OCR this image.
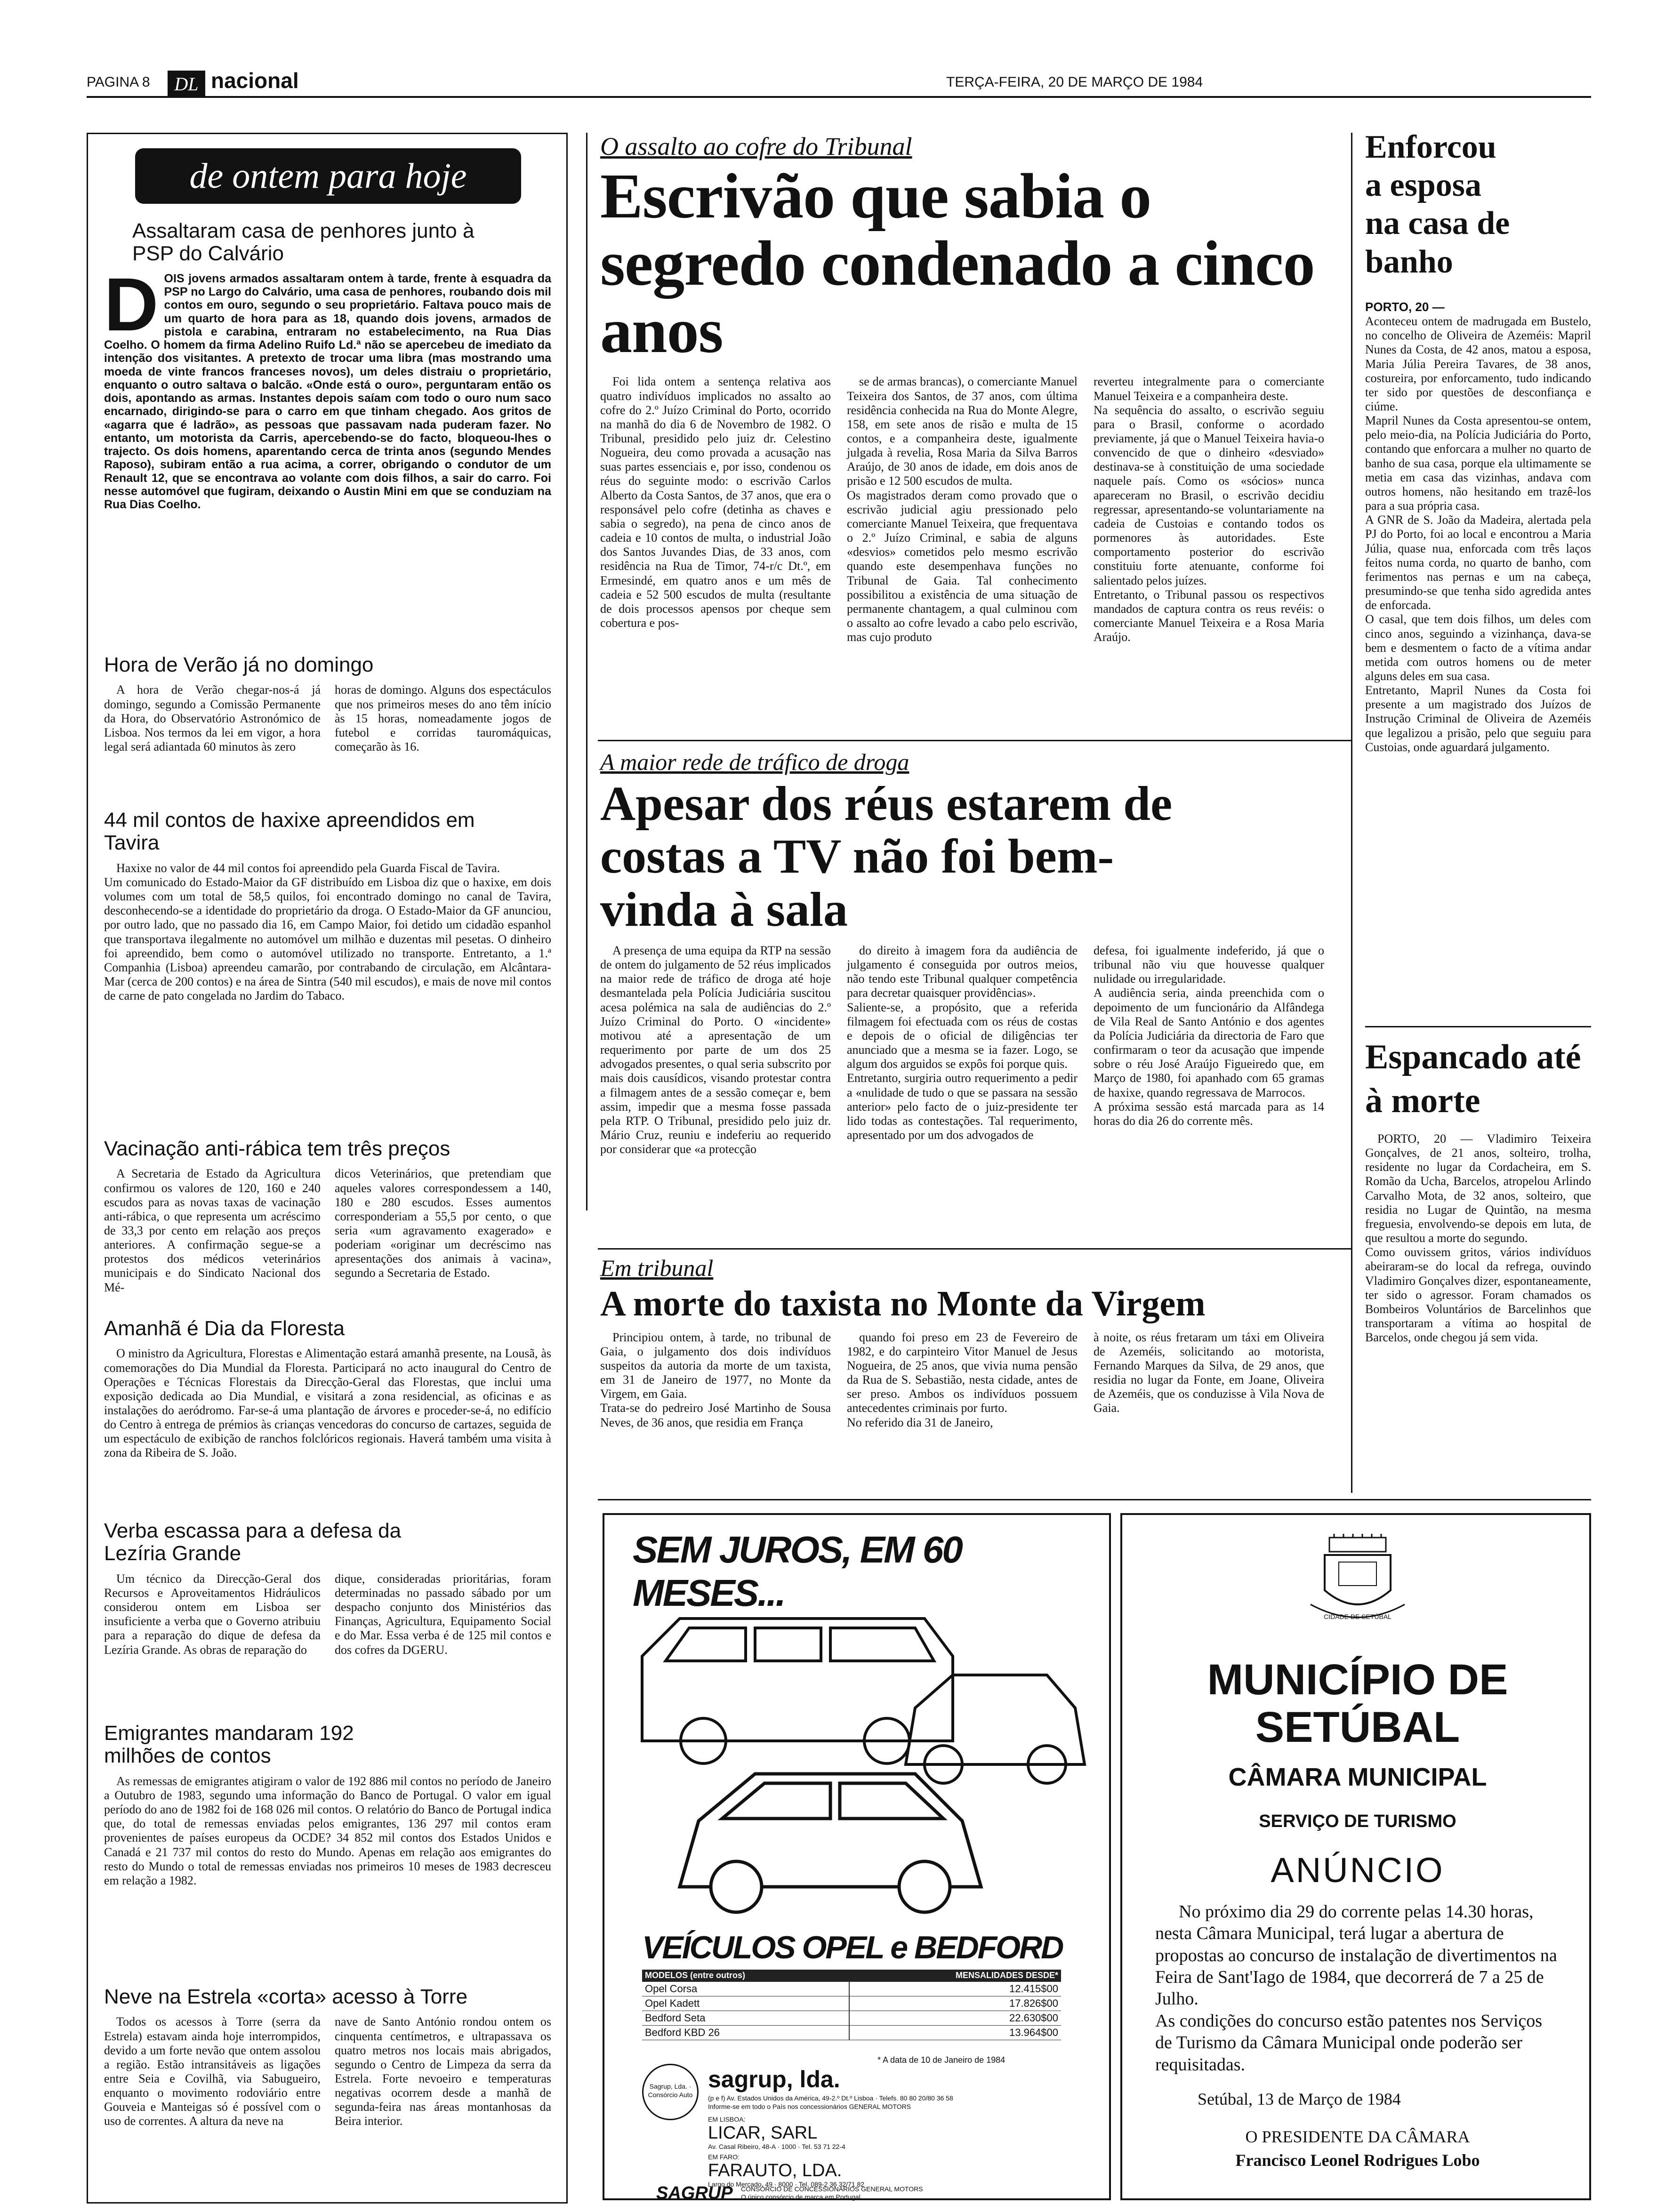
PAGINA 8 DL nacional	TERÇA-FEIRA, 20 DE MARÇO DE 1984
de ontem para hoje
Assaltaram casa de penhores junto à PSP do Calvário
D OIS jovens armados assaltaram ontem à tarde, frente à esquadra da PSP no Largo do Calvário, uma casa de penhores, roubando dois mil contos em ouro, segundo o seu proprietário. Faltava pouco mais de um quarto de hora para as 18, quando dois jovens, armados de pistola e carabina, entraram no estabelecimento, na Rua Dias Coelho. O homem da firma Adelino Ruifo Ld.ª não se apercebeu de imediato da intenção dos visitantes. A pretexto de trocar uma libra (mas mostrando uma moeda de vinte francos franceses novos), um deles distraiu o proprietário, enquanto o outro saltava o balcão. «Onde está o ouro», perguntaram então os dois, apontando as armas. Instantes depois saíam com todo o ouro num saco encarnado, dirigindo-se para o carro em que tinham chegado. Aos gritos de «agarra que é ladrão», as pessoas que passavam nada puderam fazer. No entanto, um motorista da Carris, apercebendo-se do facto, bloqueou-lhes o trajecto. Os dois homens, aparentando cerca de trinta anos (segundo Mendes Raposo), subiram então a rua acima, a correr, obrigando o condutor de um Renault 12, que se encontrava ao volante com dois filhos, a sair do carro. Foi nesse automóvel que fugiram, deixando o Austin Mini em que se conduziam na Rua Dias Coelho.

Hora de Verão já no domingo

A hora de Verão chegar-nos-á já domingo, segundo a Comissão Permanente da Hora, do Observatório Astronómico de Lisboa. Nos termos da lei em vigor, a hora legal será adiantada 60 minutos às zero

horas de domingo. Alguns dos espectáculos que nos primeiros meses do ano têm início às 15 horas, nomeadamente jogos de futebol e corridas tauromáquicas, começarão às 16.

44 mil contos de haxixe apreendidos em Tavira

Haxixe no valor de 44 mil contos foi apreendido pela Guarda Fiscal de Tavira.
Um comunicado do Estado-Maior da GF distribuído em Lisboa diz que o haxixe, em dois volumes com um total de 58,5 quilos, foi encontrado domingo no canal de Tavira, desconhecendo-se a identidade do proprietário da droga. O Estado-Maior da GF anunciou, por outro lado, que no passado dia 16, em Campo Maior, foi detido um cidadão espanhol que transportava ilegalmente no automóvel um milhão e duzentas mil pesetas. O dinheiro foi apreendido, bem como o automóvel utilizado no transporte. Entretanto, a 1.ª Companhia (Lisboa) apreendeu camarão, por contrabando de circulação, em Alcântara-Mar (cerca de 200 contos) e na área de Sintra (540 mil escudos), e mais de nove mil contos de carne de pato congelada no Jardim do Tabaco.

Vacinação anti-rábica tem três preços

A Secretaria de Estado da Agricultura confirmou os valores de 120, 160 e 240 escudos para as novas taxas de vacinação anti-rábica, o que representa um acréscimo de 33,3 por cento em relação aos preços anteriores. A confirmação segue-se a protestos dos médicos veterinários municipais e do Sindicato Nacional dos Mé-

dicos Veterinários, que pretendiam que aqueles valores correspondessem a 140, 180 e 280 escudos. Esses aumentos corresponderiam a 55,5 por cento, o que seria «um agravamento exagerado» e poderiam «originar um decréscimo nas apresentações dos animais à vacina», segundo a Secretaria de Estado.

Amanhã é Dia da Floresta

O ministro da Agricultura, Florestas e Alimentação estará amanhã presente, na Lousã, às comemorações do Dia Mundial da Floresta. Participará no acto inaugural do Centro de Operações e Técnicas Florestais da Direcção-Geral das Florestas, que inclui uma exposição dedicada ao Dia Mundial, e visitará a zona residencial, as oficinas e as instalações do aeródromo. Far-se-á uma plantação de árvores e proceder-se-á, no edifício do Centro à entrega de prémios às crianças vencedoras do concurso de cartazes, seguida de um espectáculo de exibição de ranchos folclóricos regionais. Haverá também uma visita à zona da Ribeira de S. João.

Verba escassa para a defesa da Lezíria Grande

Um técnico da Direcção-Geral dos Recursos e Aproveitamentos Hidráulicos considerou ontem em Lisboa ser insuficiente a verba que o Governo atribuiu para a reparação do dique de defesa da Lezíria Grande. As obras de reparação do

dique, consideradas prioritárias, foram determinadas no passado sábado por um despacho conjunto dos Ministérios das Finanças, Agricultura, Equipamento Social e do Mar. Essa verba é de 125 mil contos e dos cofres da DGERU.

Emigrantes mandaram 192 milhões de contos

As remessas de emigrantes atigiram o valor de 192 886 mil contos no período de Janeiro a Outubro de 1983, segundo uma informação do Banco de Portugal. O valor em igual período do ano de 1982 foi de 168 026 mil contos. O relatório do Banco de Portugal indica que, do total de remessas enviadas pelos emigrantes, 136 297 mil contos eram provenientes de países europeus da OCDE? 34 852 mil contos dos Estados Unidos e Canadá e 21 737 mil contos do resto do Mundo. Apenas em relação aos emigrantes do resto do Mundo o total de remessas enviadas nos primeiros 10 meses de 1983 decresceu em relação a 1982.

Neve na Estrela «corta» acesso à Torre

Todos os acessos à Torre (serra da Estrela) estavam ainda hoje interrompidos, devido a um forte nevão que ontem assolou a região. Estão intransitáveis as ligações entre Seia e Covilhã, via Sabugueiro, enquanto o movimento rodoviário entre Gouveia e Manteigas só é possível com o uso de correntes. A altura da neve na

nave de Santo António rondou ontem os cinquenta centímetros, e ultrapassava os quatro metros nos locais mais abrigados, segundo o Centro de Limpeza da serra da Estrela. Forte nevoeiro e temperaturas negativas ocorrem desde a manhã de segunda-feira nas áreas montanhosas da Beira interior.

O assalto ao cofre do Tribunal
Escrivão que sabia o segredo condenado a cinco anos

Foi lida ontem a sentença relativa aos quatro indivíduos implicados no assalto ao cofre do 2.º Juízo Criminal do Porto, ocorrido na manhã do dia 6 de Novembro de 1982. O Tribunal, presidido pelo juiz dr. Celestino Nogueira, deu como provada a acusação nas suas partes essenciais e, por isso, condenou os réus do seguinte modo: o escrivão Carlos Alberto da Costa Santos, de 37 anos, que era o responsável pelo cofre (detinha as chaves e sabia o segredo), na pena de cinco anos de cadeia e 10 contos de multa, o industrial João dos Santos Juvandes Dias, de 33 anos, com residência na Rua de Timor, 74-r/c Dt.º, em Ermesindé, em quatro anos e um mês de cadeia e 52 500 escudos de multa (resultante de dois processos apensos por cheque sem cobertura e pos-

se de armas brancas), o comerciante Manuel Teixeira dos Santos, de 37 anos, com última residência conhecida na Rua do Monte Alegre, 158, em sete anos de risão e multa de 15 contos, e a companheira deste, igualmente julgada à revelia, Rosa Maria da Silva Barros Araújo, de 30 anos de idade, em dois anos de prisão e 12 500 escudos de multa.
Os magistrados deram como provado que o escrivão judicial agiu pressionado pelo comerciante Manuel Teixeira, que frequentava o 2.º Juízo Criminal, e sabia de alguns «desvios» cometidos pelo mesmo escrivão quando este desempenhava funções no Tribunal de Gaia. Tal conhecimento possibilitou a existência de uma situação de permanente chantagem, a qual culminou com o assalto ao cofre levado a cabo pelo escrivão, mas cujo produto

reverteu integralmente para o comerciante Manuel Teixeira e a companheira deste.
Na sequência do assalto, o escrivão seguiu para o Brasil, conforme o acordado previamente, já que o Manuel Teixeira havia-o convencido de que o dinheiro «desviado» destinava-se à constituição de uma sociedade naquele país. Como os «sócios» nunca apareceram no Brasil, o escrivão decidiu regressar, apresentando-se voluntariamente na cadeia de Custoias e contando todos os pormenores às autoridades. Este comportamento posterior do escrivão constituiu forte atenuante, conforme foi salientado pelos juízes.
Entretanto, o Tribunal passou os respectivos mandados de captura contra os reus revéis: o comerciante Manuel Teixeira e a Rosa Maria Araújo.

A maior rede de tráfico de droga
Apesar dos réus estarem de costas a TV não foi bem-vinda à sala

A presença de uma equipa da RTP na sessão de ontem do julgamento de 52 réus implicados na maior rede de tráfico de droga até hoje desmantelada pela Polícia Judiciária suscitou acesa polémica na sala de audiências do 2.º Juízo Criminal do Porto. O «incidente» motivou até a apresentação de um requerimento por parte de um dos 25 advogados presentes, o qual seria subscrito por mais dois causídicos, visando protestar contra a filmagem antes de a sessão começar e, bem assim, impedir que a mesma fosse passada pela RTP. O Tribunal, presidido pelo juiz dr. Mário Cruz, reuniu e indeferiu ao requerido por considerar que «a protecção

do direito à imagem fora da audiência de julgamento é conseguida por outros meios, não tendo este Tribunal qualquer competência para decretar quaisquer providências».
Saliente-se, a propósito, que a referida filmagem foi efectuada com os réus de costas e depois de o oficial de diligências ter anunciado que a mesma se ia fazer. Logo, se algum dos arguidos se expôs foi porque quis.
Entretanto, surgiria outro requerimento a pedir a «nulidade de tudo o que se passara na sessão anterior» pelo facto de o juiz-presidente ter lido todas as contestações. Tal requerimento, apresentado por um dos advogados de

defesa, foi igualmente indeferido, já que o tribunal não viu que houvesse qualquer nulidade ou irregularidade.
A audiência seria, ainda preenchida com o depoimento de um funcionário da Alfândega de Vila Real de Santo António e dos agentes da Polícia Judiciária da directoria de Faro que confirmaram o teor da acusação que impende sobre o réu José Araújo Figueiredo que, em Março de 1980, foi apanhado com 65 gramas de haxixe, quando regressava de Marrocos.
A próxima sessão está marcada para as 14 horas do dia 26 do corrente mês.

Em tribunal
A morte do taxista no Monte da Virgem

Principiou ontem, à tarde, no tribunal de Gaia, o julgamento dos dois indivíduos suspeitos da autoria da morte de um taxista, em 31 de Janeiro de 1977, no Monte da Virgem, em Gaia.
Trata-se do pedreiro José Martinho de Sousa Neves, de 36 anos, que residia em França

quando foi preso em 23 de Fevereiro de 1982, e do carpinteiro Vitor Manuel de Jesus Nogueira, de 25 anos, que vivia numa pensão da Rua de S. Sebastião, nesta cidade, antes de ser preso. Ambos os indivíduos possuem antecedentes criminais por furto.
No referido dia 31 de Janeiro,

à noite, os réus fretaram um táxi em Oliveira de Azeméis, solicitando ao motorista, Fernando Marques da Silva, de 29 anos, que residia no lugar da Fonte, em Joane, Oliveira de Azeméis, que os conduzisse à Vila Nova de Gaia.

Enforcou a esposa na casa de banho

PORTO, 20 —
Aconteceu ontem de madrugada em Bustelo, no concelho de Oliveira de Azeméis: Mapril Nunes da Costa, de 42 anos, matou a esposa, Maria Júlia Pereira Tavares, de 38 anos, costureira, por enforcamento, tudo indicando ter sido por questões de desconfiança e ciúme.
Mapril Nunes da Costa apresentou-se ontem, pelo meio-dia, na Polícia Judiciária do Porto, contando que enforcara a mulher no quarto de banho de sua casa, porque ela ultimamente se metia em casa das vizinhas, andava com outros homens, não hesitando em trazê-los para a sua própria casa.
A GNR de S. João da Madeira, alertada pela PJ do Porto, foi ao local e encontrou a Maria Júlia, quase nua, enforcada com três laços feitos numa corda, no quarto de banho, com ferimentos nas pernas e um na cabeça, presumindo-se que tenha sido agredida antes de enforcada.
O casal, que tem dois filhos, um deles com cinco anos, seguindo a vizinhança, dava-se bem e desmentem o facto de a vítima andar metida com outros homens ou de meter alguns deles em sua casa.
Entretanto, Mapril Nunes da Costa foi presente a um magistrado dos Juízos de Instrução Criminal de Oliveira de Azeméis que legalizou a prisão, pelo que seguiu para Custoias, onde aguardará julgamento.

Espancado até à morte

PORTO, 20 — Vladimiro Teixeira Gonçalves, de 21 anos, solteiro, trolha, residente no lugar da Cordacheira, em S. Romão da Ucha, Barcelos, atropelou Arlindo Carvalho Mota, de 32 anos, solteiro, que residia no Lugar de Quintão, na mesma freguesia, envolvendo-se depois em luta, de que resultou a morte do segundo.
Como ouvissem gritos, vários indivíduos abeiraram-se do local da refrega, ouvindo Vladimiro Gonçalves dizer, espontaneamente, ter sido o agressor. Foram chamados os Bombeiros Voluntários de Barcelinhos que transportaram a vítima ao hospital de Barcelos, onde chegou já sem vida.

SEM JUROS, EM 60 MESES...
VEÍCULOS OPEL e BEDFORD
MODELOS (entre outros)	MENSALIDADES DESDE*
Opel Corsa	12.415$00
Opel Kadett	17.826$00
Bedford Seta	22.630$00
Bedford KBD 26	13.964$00
* A data de 10 de Janeiro de 1984
Sagrup, Lda. · Consórcio Auto
sagrup, lda.
(p e f) Av. Estados Unidos da América, 49-2.º Dt.º Lisboa · Telefs. 80 80 20/80 36 58
Informe-se em todo o País nos concessionários GENERAL MOTORS
EM LISBOA:
LICAR, SARL
Av. Casal Ribeiro, 48-A · 1000 · Tel. 53 71 22-4
EM FARO:
FARAUTO, LDA.
Largo do Mercado, 49 · 8000 · Tel. 089-2 36 32/71 82
SAGRUP CONSÓRCIO DE CONCESSIONÁRIOS GENERAL MOTORS
O único consórcio de marca em Portugal
CIDADE DE SETÚBAL
MUNICÍPIO DE SETÚBAL
CÂMARA MUNICIPAL
SERVIÇO DE TURISMO
ANÚNCIO

No próximo dia 29 do corrente pelas 14.30 horas, nesta Câmara Municipal, terá lugar a abertura de propostas ao concurso de instalação de divertimentos na Feira de Sant'Iago de 1984, que decorrerá de 7 a 25 de Julho.
As condições do concurso estão patentes nos Serviços de Turismo da Câmara Municipal onde poderão ser requisitadas.

Setúbal, 13 de Março de 1984
O PRESIDENTE DA CÂMARA
Francisco Leonel Rodrigues Lobo
